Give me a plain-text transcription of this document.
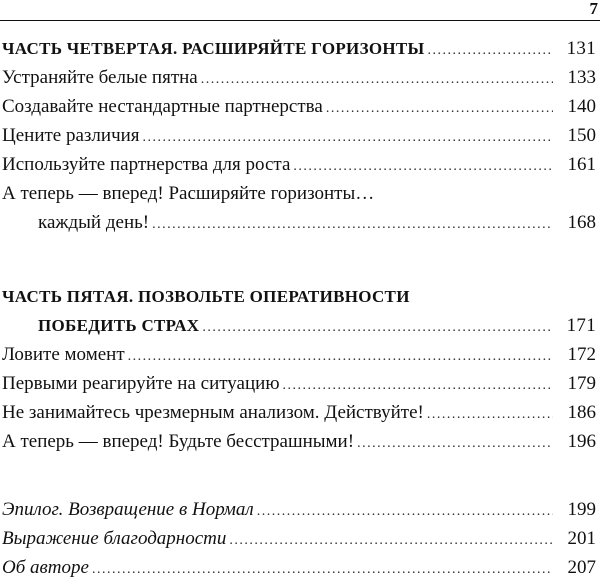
7
ЧАСТЬ ЧЕТВЕРТАЯ. РАСШИРЯЙТЕ ГОРИЗОНТЫ .....	131
Устраняйте белые пятна .....	133
Создавайте нестандартные партнерства .....	140
Цените различия .....	150
Используйте партнерства для роста .....	161
А теперь — вперед! Расширяйте горизонты…
каждый день! .....	168
ЧАСТЬ ПЯТАЯ. ПОЗВОЛЬТЕ ОПЕРАТИВНОСТИ
ПОБЕДИТЬ СТРАХ .....	171
Ловите момент .....	172
Первыми реагируйте на ситуацию .....	179
Не занимайтесь чрезмерным анализом. Действуйте! .....	186
А теперь — вперед! Будьте бесстрашными! .....	196
Эпилог. Возвращение в Нормал .....	199
Выражение благодарности .....	201
Об авторе .....	207
